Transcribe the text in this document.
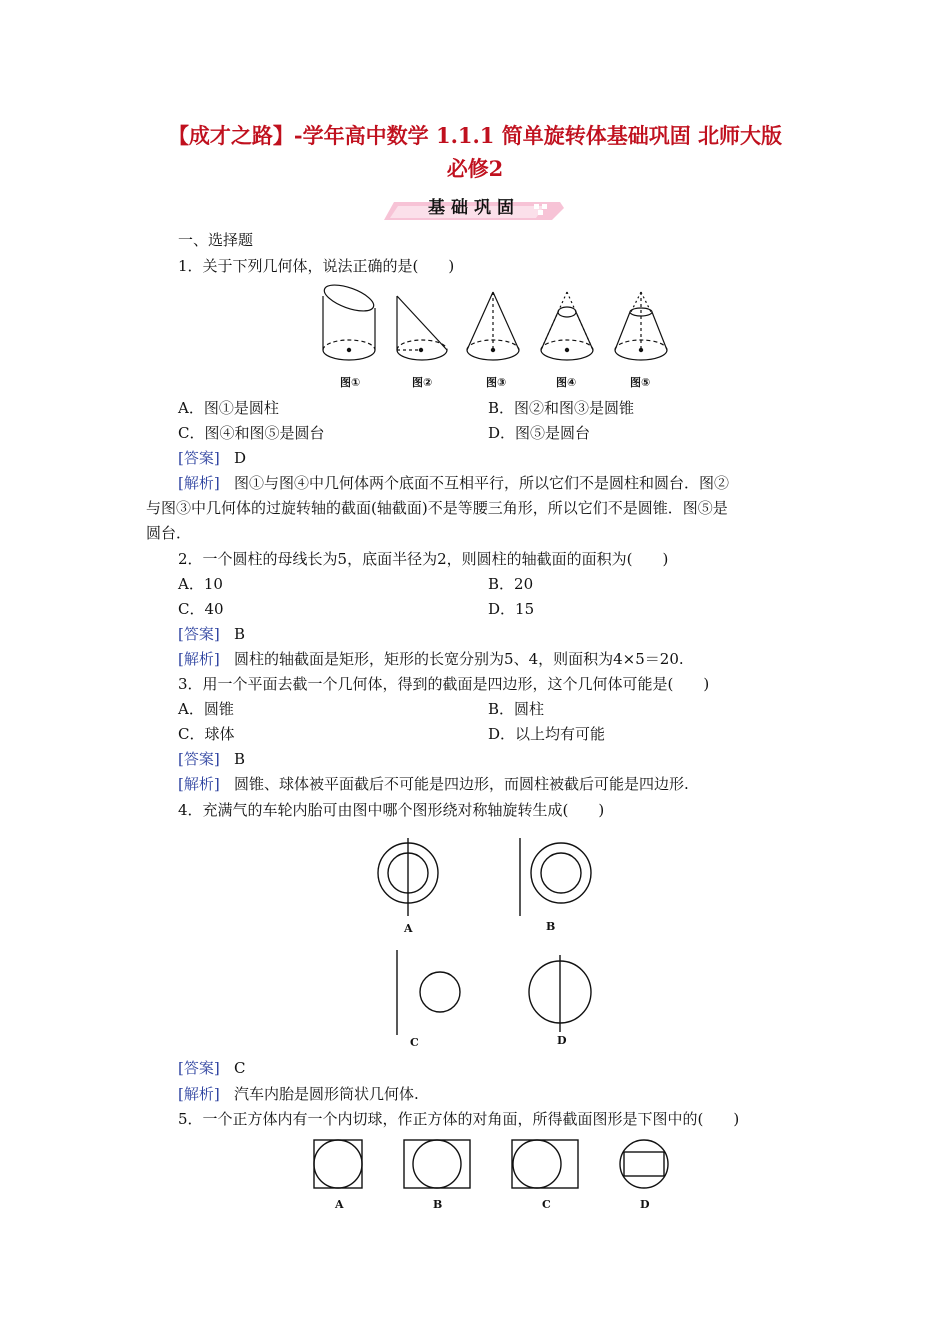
【成才之路】-学年高中数学 1.1.1 简单旋转体基础巩固 北师大版
必修2
基础巩固
一、选择题
1．关于下列几何体，说法正确的是(　　)
图①	图②	图③	图④	图⑤
A．图①是圆柱	B．图②和图③是圆锥
C．图④和图⑤是圆台	D．图⑤是圆台
[答案] D
[解析] 图①与图④中几何体两个底面不互相平行，所以它们不是圆柱和圆台．图②
与图③中几何体的过旋转轴的截面(轴截面)不是等腰三角形，所以它们不是圆锥．图⑤是
圆台．
2．一个圆柱的母线长为5，底面半径为2，则圆柱的轴截面的面积为(　　)
A．10	B．20
C．40	D．15
[答案] B
[解析] 圆柱的轴截面是矩形，矩形的长宽分别为5、4，则面积为4×5＝20.
3．用一个平面去截一个几何体，得到的截面是四边形，这个几何体可能是(　　)
A．圆锥	B．圆柱
C．球体	D．以上均有可能
[答案] B
[解析] 圆锥、球体被平面截后不可能是四边形，而圆柱被截后可能是四边形.
4．充满气的车轮内胎可由图中哪个图形绕对称轴旋转生成(　　)
A	B
C	D
[答案] C
[解析] 汽车内胎是圆形筒状几何体.
5．一个正方体内有一个内切球，作正方体的对角面，所得截面图形是下图中的(　　)
A	B	C	D
